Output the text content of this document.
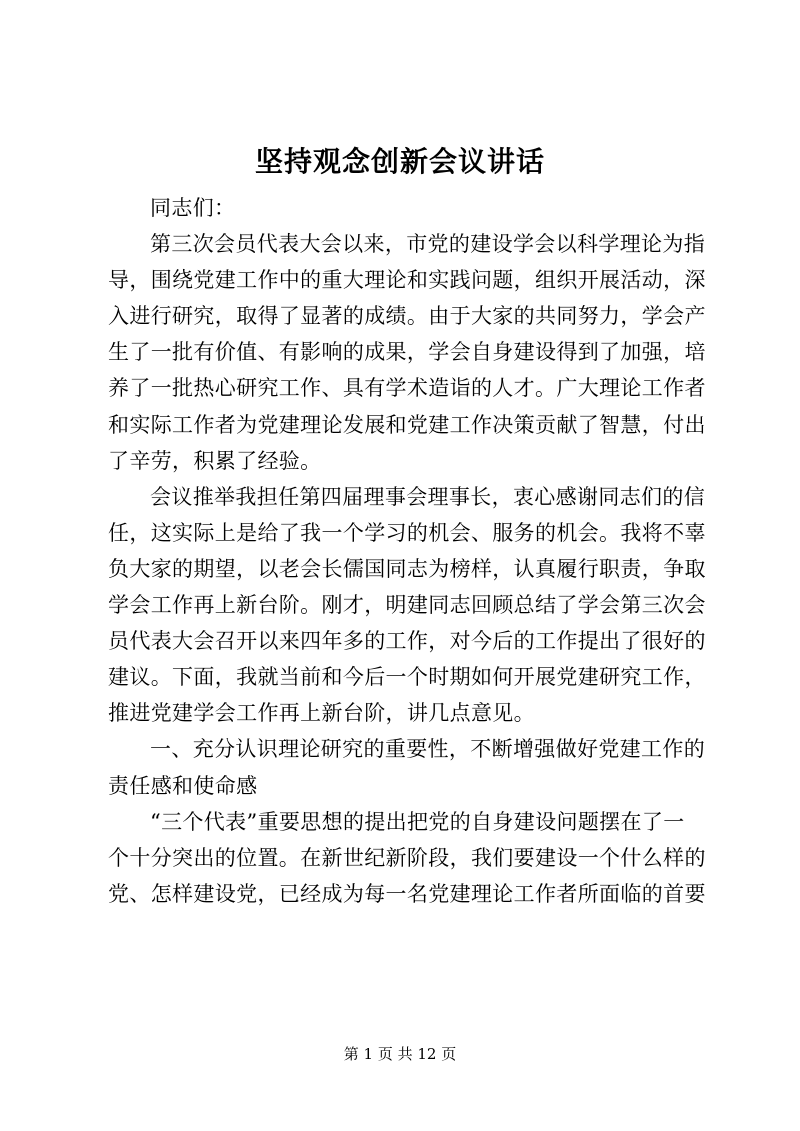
坚持观念创新会议讲话

同志们：

第三次会员代表大会以来，市党的建设学会以科学理论为指
导，围绕党建工作中的重大理论和实践问题，组织开展活动，深
入进行研究，取得了显著的成绩。由于大家的共同努力，学会产
生了一批有价值、有影响的成果，学会自身建设得到了加强，培
养了一批热心研究工作、具有学术造诣的人才。广大理论工作者
和实际工作者为党建理论发展和党建工作决策贡献了智慧，付出
了辛劳，积累了经验。

会议推举我担任第四届理事会理事长，衷心感谢同志们的信
任，这实际上是给了我一个学习的机会、服务的机会。我将不辜
负大家的期望，以老会长儒国同志为榜样，认真履行职责，争取
学会工作再上新台阶。刚才，明建同志回顾总结了学会第三次会
员代表大会召开以来四年多的工作，对今后的工作提出了很好的
建议。下面，我就当前和今后一个时期如何开展党建研究工作，
推进党建学会工作再上新台阶，讲几点意见。

一、充分认识理论研究的重要性，不断增强做好党建工作的
责任感和使命感

“三个代表”重要思想的提出把党的自身建设问题摆在了一
个十分突出的位置。在新世纪新阶段，我们要建设一个什么样的
党、怎样建设党，已经成为每一名党建理论工作者所面临的首要

第 1 页 共 12 页
